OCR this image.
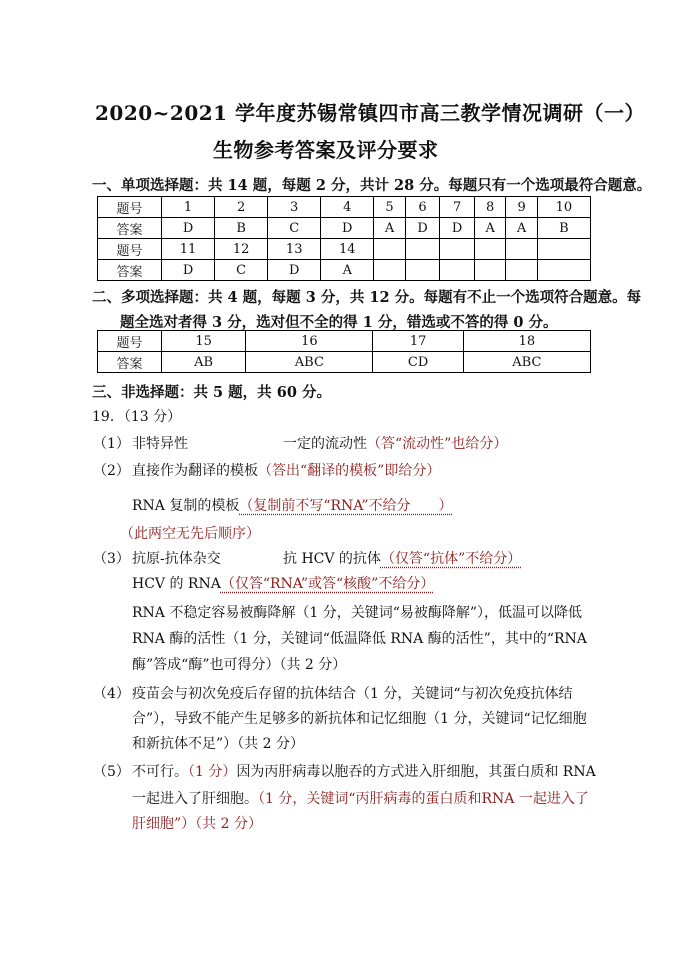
2020~2021 学年度苏锡常镇四市高三教学情况调研（一）
生物参考答案及评分要求
一、单项选择题：共 14 题，每题 2 分，共计 28 分。每题只有一个选项最符合题意。
题号	1	2	3	4	5	6	7	8	9	10
答案	D	B	C	D	A	D	D	A	A	B
题号	11	12	13	14						
答案	D	C	D	A						
二、多项选择题：共 4 题，每题 3 分，共 12 分。每题有不止一个选项符合题意。每
题全选对者得 3 分，选对但不全的得 1 分，错选或不答的得 0 分。
题号	15	16	17	18
答案	AB	ABC	CD	ABC
三、非选择题：共 5 题，共 60 分。
19．（13 分）
（1） 非特异性	一定的流动性（答“流动性”也给分）
（2） 直接作为翻译的模板（答出“翻译的模板”即给分）
RNA 复制的模板（复制前不写“RNA”不给分　　）
（此两空无先后顺序）
（3） 抗原-抗体杂交	抗 HCV 的抗体（仅答“抗体”不给分）
HCV 的 RNA（仅答“RNA”或答“核酸”不给分）
RNA 不稳定容易被酶降解（1 分，关键词“易被酶降解”），低温可以降低
RNA 酶的活性（1 分，关键词“低温降低 RNA 酶的活性”，其中的“RNA
酶”答成“酶”也可得分）（共 2 分）
（4） 疫苗会与初次免疫后存留的抗体结合（1 分，关键词“与初次免疫抗体结
合”），导致不能产生足够多的新抗体和记忆细胞（1 分，关键词“记忆细胞
和新抗体不足”）（共 2 分）
（5） 不可行。（1 分）因为丙肝病毒以胞吞的方式进入肝细胞，其蛋白质和 RNA
一起进入了肝细胞。（1 分，关键词“丙肝病毒的蛋白质和RNA 一起进入了
肝细胞”）（共 2 分）
